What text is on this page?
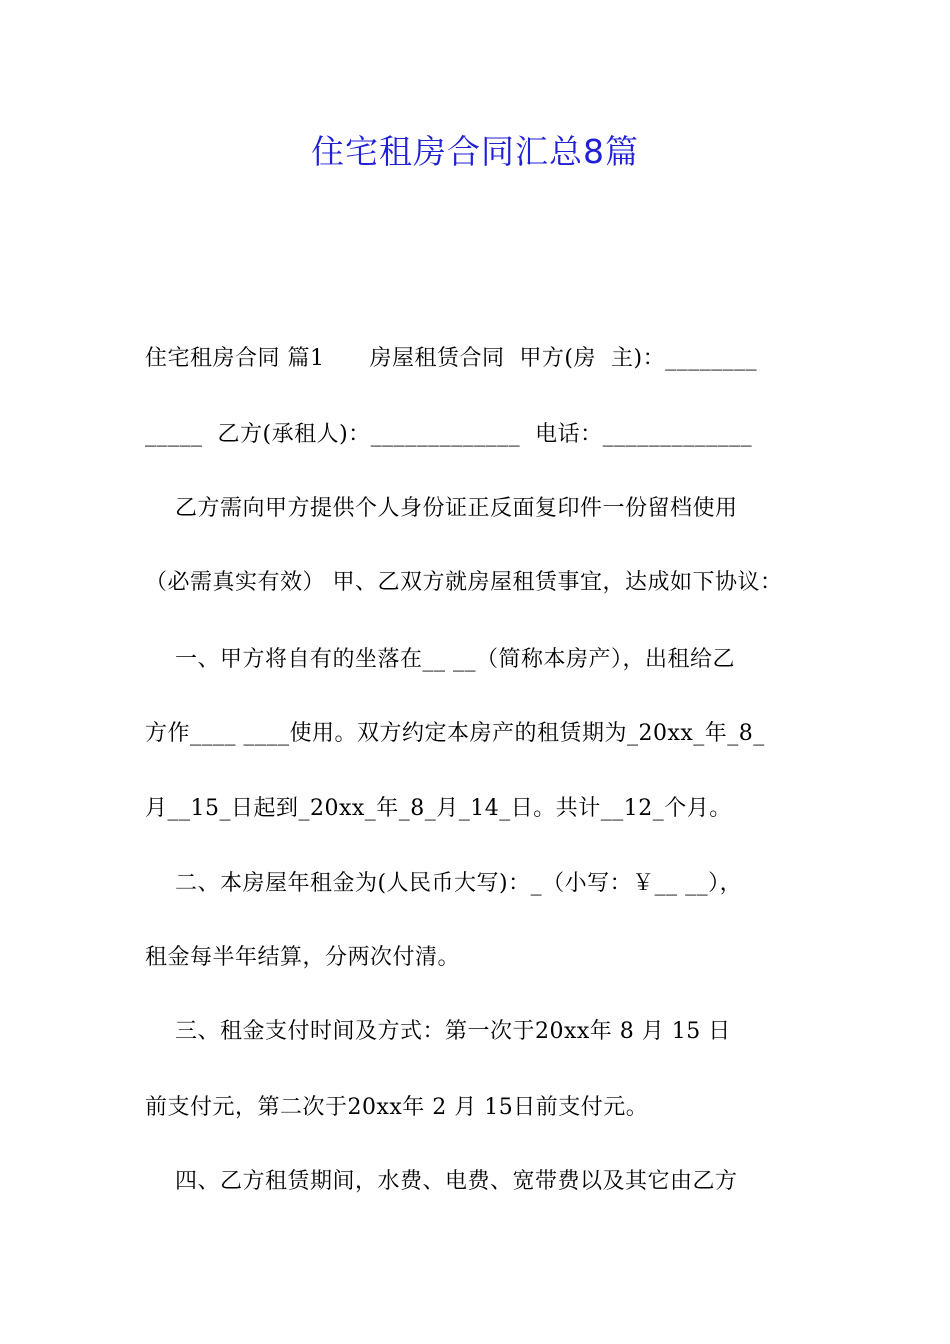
住宅租房合同汇总8篇
住宅租房合同 篇1      房屋租赁合同  甲方(房  主)：________
_____  乙方(承租人)：_____________  电话：_____________
乙方需向甲方提供个人身份证正反面复印件一份留档使用
（必需真实有效） 甲、乙双方就房屋租赁事宜，达成如下协议：
一、甲方将自有的坐落在__ __（简称本房产），出租给乙
方作____ ____使用。双方约定本房产的租赁期为_20xx_年_8_
月__15_日起到_20xx_年_8_月_14_日。共计__12_个月。
二、本房屋年租金为(人民币大写)：_（小写：￥__ __），
租金每半年结算，分两次付清。
三、租金支付时间及方式：第一次于20xx年 8 月 15 日
前支付元，第二次于20xx年 2 月 15日前支付元。
四、乙方租赁期间，水费、电费、宽带费以及其它由乙方
